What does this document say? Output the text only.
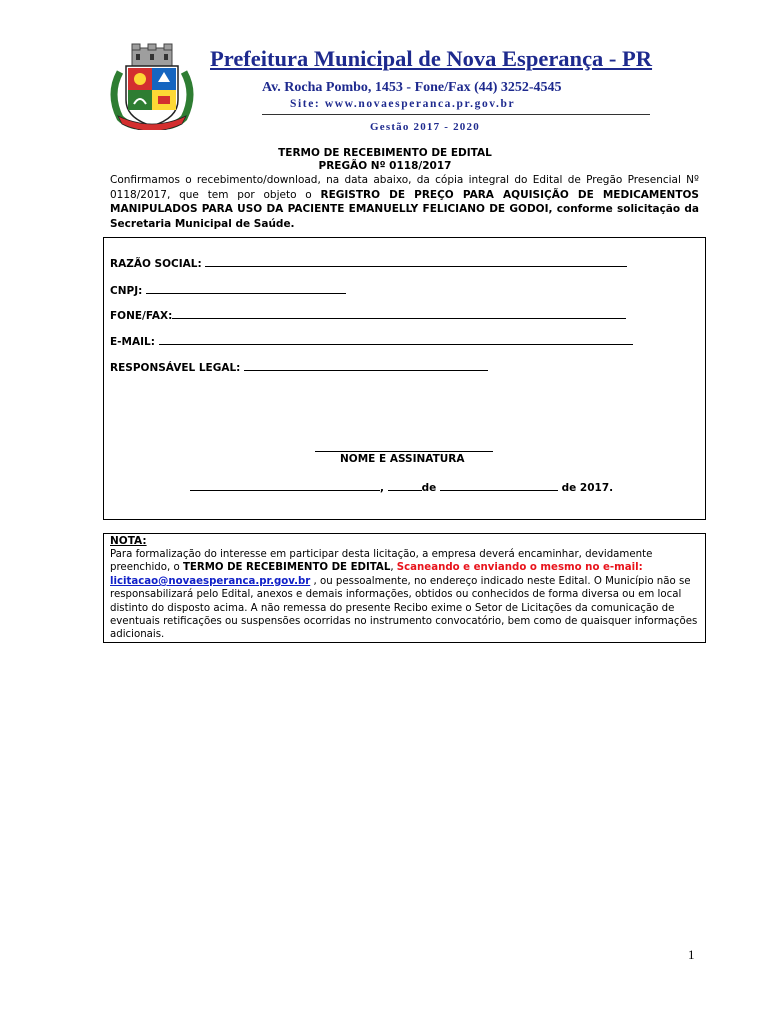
Prefeitura Municipal de Nova Esperança - PR
Av. Rocha Pombo, 1453 - Fone/Fax (44) 3252-4545
Site: www.novaesperanca.pr.gov.br
Gestão 2017 - 2020
TERMO DE RECEBIMENTO DE EDITAL
PREGÃO Nº 0118/2017
Confirmamos o recebimento/download, na data abaixo, da cópia integral do Edital de Pregão Presencial Nº 0118/2017, que tem por objeto o REGISTRO DE PREÇO PARA AQUISIÇÃO DE MEDICAMENTOS MANIPULADOS PARA USO DA PACIENTE EMANUELLY FELICIANO DE GODOI, conforme solicitação da Secretaria Municipal de Saúde.
RAZÃO SOCIAL:
CNPJ:
FONE/FAX:
E-MAIL:
RESPONSÁVEL LEGAL:
NOME E ASSINATURA
,	de	de 2017.
NOTA:
Para formalização do interesse em participar desta licitação, a empresa deverá encaminhar, devidamente preenchido, o TERMO DE RECEBIMENTO DE EDITAL, Scaneando e enviando o mesmo no e-mail: licitacao@novaesperanca.pr.gov.br , ou pessoalmente, no endereço indicado neste Edital. O Município não se responsabilizará pelo Edital, anexos e demais informações, obtidos ou conhecidos de forma diversa ou em local distinto do disposto acima. A não remessa do presente Recibo exime o Setor de Licitações da comunicação de eventuais retificações ou suspensões ocorridas no instrumento convocatório, bem como de quaisquer informações adicionais.
1
